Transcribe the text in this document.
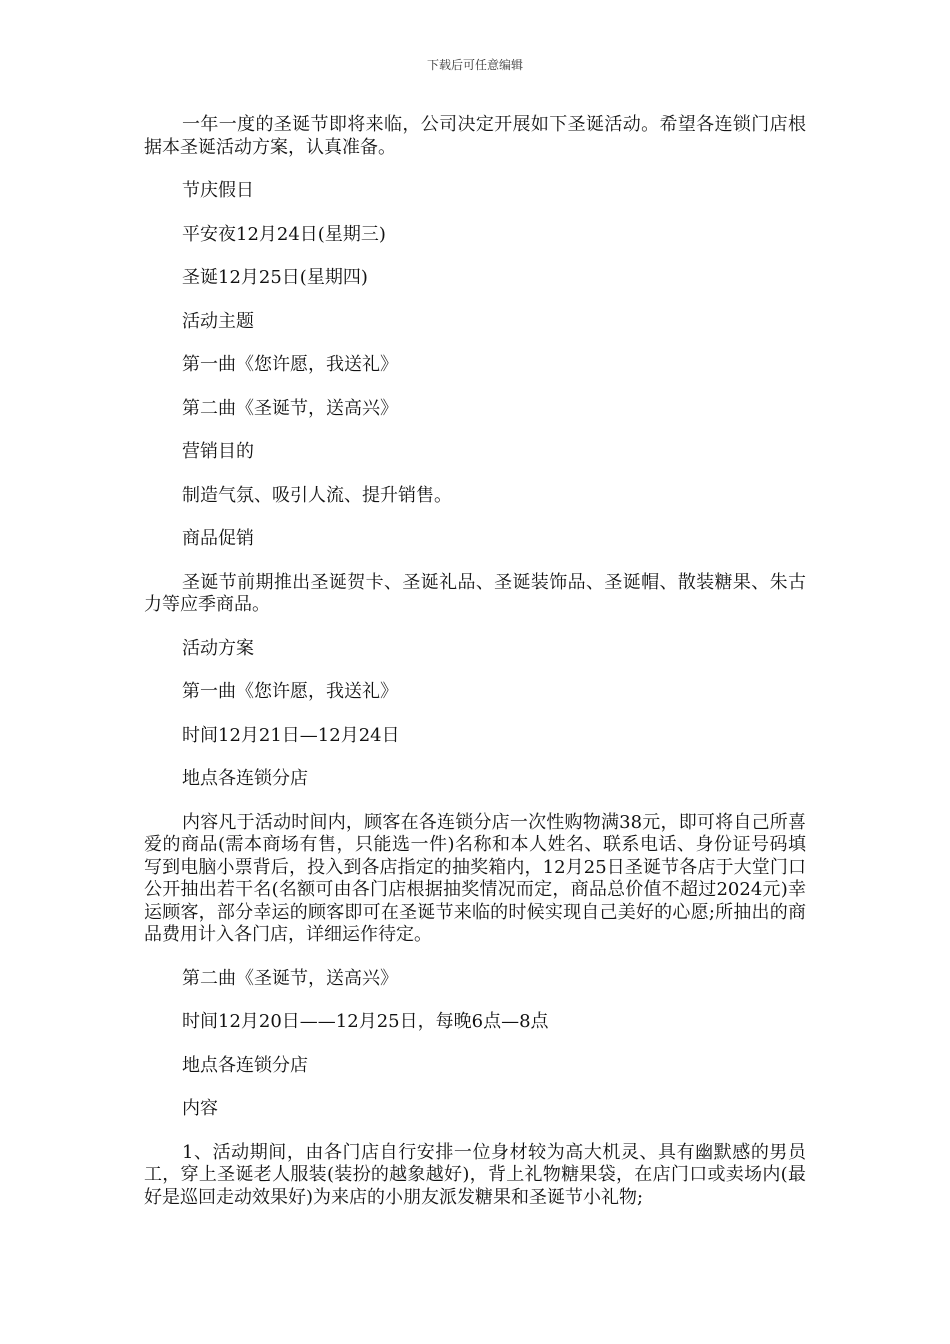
下载后可任意编辑

一年一度的圣诞节即将来临，公司决定开展如下圣诞活动。希望各连锁门店根据本圣诞活动方案，认真准备。

节庆假日

平安夜12月24日(星期三)

圣诞12月25日(星期四)

活动主题

第一曲《您许愿，我送礼》

第二曲《圣诞节，送高兴》

营销目的

制造气氛、吸引人流、提升销售。

商品促销

圣诞节前期推出圣诞贺卡、圣诞礼品、圣诞装饰品、圣诞帽、散装糖果、朱古力等应季商品。

活动方案

第一曲《您许愿，我送礼》

时间12月21日—12月24日

地点各连锁分店

内容凡于活动时间内，顾客在各连锁分店一次性购物满38元，即可将自己所喜爱的商品(需本商场有售，只能选一件)名称和本人姓名、联系电话、身份证号码填写到电脑小票背后，投入到各店指定的抽奖箱内，12月25日圣诞节各店于大堂门口公开抽出若干名(名额可由各门店根据抽奖情况而定，商品总价值不超过2024元)幸运顾客，部分幸运的顾客即可在圣诞节来临的时候实现自己美好的心愿;所抽出的商品费用计入各门店，详细运作待定。

第二曲《圣诞节，送高兴》

时间12月20日——12月25日，每晚6点—8点

地点各连锁分店

内容

1、活动期间，由各门店自行安排一位身材较为高大机灵、具有幽默感的男员工，穿上圣诞老人服装(装扮的越象越好)，背上礼物糖果袋，在店门口或卖场内(最好是巡回走动效果好)为来店的小朋友派发糖果和圣诞节小礼物;
